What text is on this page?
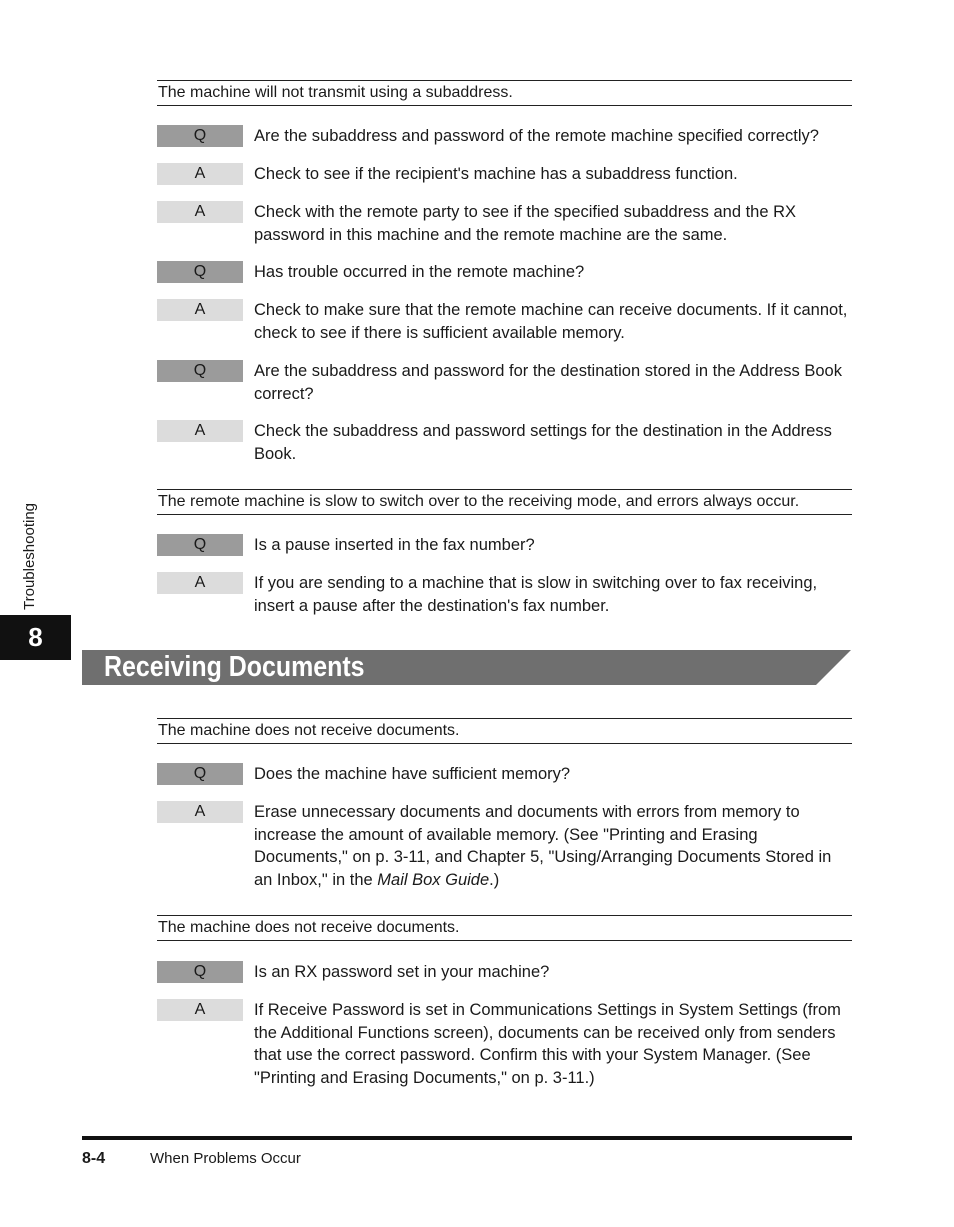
Troubleshooting
8
The machine will not transmit using a subaddress.
Q	Are the subaddress and password of the remote machine specified correctly?
A	Check to see if the recipient's machine has a subaddress function.
A	Check with the remote party to see if the specified subaddress and the RX password in this machine and the remote machine are the same.
Q	Has trouble occurred in the remote machine?
A	Check to make sure that the remote machine can receive documents. If it cannot, check to see if there is sufficient available memory.
Q	Are the subaddress and password for the destination stored in the Address Book correct?
A	Check the subaddress and password settings for the destination in the Address Book.
The remote machine is slow to switch over to the receiving mode, and errors always occur.
Q	Is a pause inserted in the fax number?
A	If you are sending to a machine that is slow in switching over to fax receiving, insert a pause after the destination's fax number.
Receiving Documents
The machine does not receive documents.
Q	Does the machine have sufficient memory?
A	Erase unnecessary documents and documents with errors from memory to increase the amount of available memory. (See "Printing and Erasing Documents," on p. 3-11, and Chapter 5, "Using/Arranging Documents Stored in an Inbox," in the Mail Box Guide.)
The machine does not receive documents.
Q	Is an RX password set in your machine?
A	If Receive Password is set in Communications Settings in System Settings (from the Additional Functions screen), documents can be received only from senders that use the correct password. Confirm this with your System Manager. (See "Printing and Erasing Documents," on p. 3-11.)
8-4	When Problems Occur
